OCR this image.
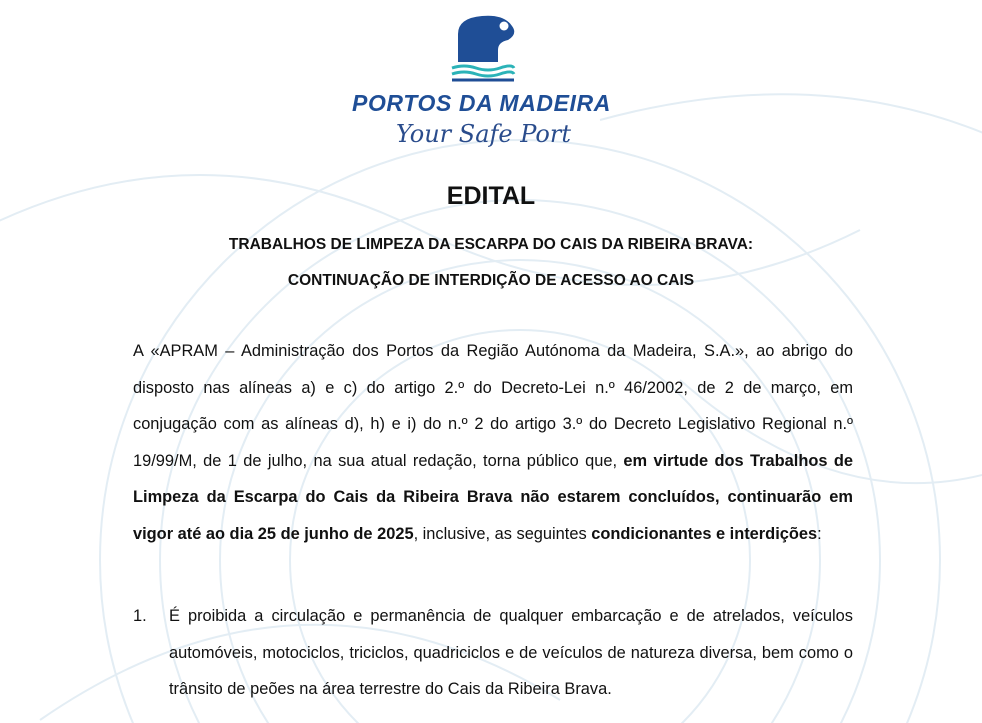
PORTOS DA MADEIRA
Your Safe Port
EDITAL
TRABALHOS DE LIMPEZA DA ESCARPA DO CAIS DA RIBEIRA BRAVA:
CONTINUAÇÃO DE INTERDIÇÃO DE ACESSO AO CAIS
A «APRAM – Administração dos Portos da Região Autónoma da Madeira, S.A.», ao abrigo do disposto nas alíneas a) e c) do artigo 2.º do Decreto-Lei n.º 46/2002, de 2 de março, em conjugação com as alíneas d), h) e i) do n.º 2 do artigo 3.º do Decreto Legislativo Regional n.º 19/99/M, de 1 de julho, na sua atual redação, torna público que, em virtude dos Trabalhos de Limpeza da Escarpa do Cais da Ribeira Brava não estarem concluídos, continuarão em vigor até ao dia 25 de junho de 2025, inclusive, as seguintes condicionantes e interdições:
1. É proibida a circulação e permanência de qualquer embarcação e de atrelados, veículos automóveis, motociclos, triciclos, quadriciclos e de veículos de natureza diversa, bem como o trânsito de peões na área terrestre do Cais da Ribeira Brava.
